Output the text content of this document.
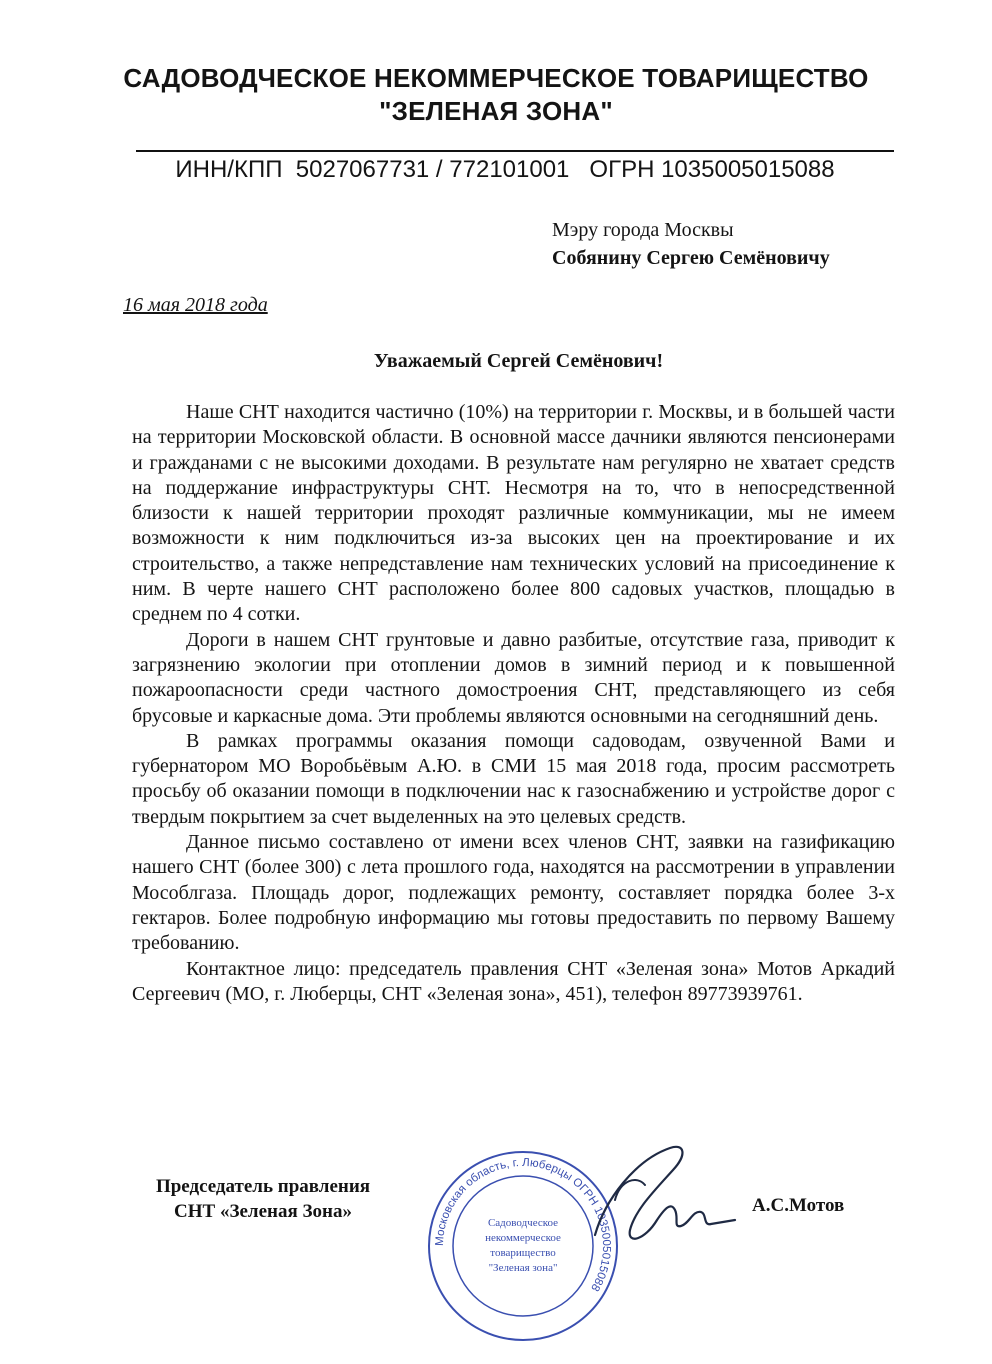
САДОВОДЧЕСКОЕ НЕКОММЕРЧЕСКОЕ ТОВАРИЩЕСТВО
"ЗЕЛЕНАЯ ЗОНА"
ИНН/КПП  5027067731 / 772101001   ОГРН 1035005015088
Мэру города Москвы
Собянину Сергею Семёновичу
16 мая 2018 года
Уважаемый Сергей Семёнович!

Наше СНТ находится частично (10%) на территории г. Москвы, и в большей части на территории Московской области. В основной массе дачники являются пенсионерами и гражданами с не высокими доходами. В результате нам регулярно не хватает средств на поддержание инфраструктуры СНТ. Несмотря на то, что в непосредственной близости к нашей территории проходят различные коммуникации, мы не имеем возможности к ним подключиться из-за высоких цен на проектирование и их строительство, а также непредставление нам технических условий на присоединение к ним. В черте нашего СНТ расположено более 800 садовых участков, площадью в среднем по 4 сотки.

Дороги в нашем СНТ грунтовые и давно разбитые, отсутствие газа, приводит к загрязнению экологии при отоплении домов в зимний период и к повышенной пожароопасности среди частного домостроения СНТ, представляющего из себя брусовые и каркасные дома. Эти проблемы являются основными на сегодняшний день.

В рамках программы оказания помощи садоводам, озвученной Вами и губернатором МО Воробьёвым А.Ю. в СМИ 15 мая 2018 года, просим рассмотреть просьбу об оказании помощи в подключении нас к газоснабжению и устройстве дорог с твердым покрытием за счет выделенных на это целевых средств.

Данное письмо составлено от имени всех членов СНТ, заявки на газификацию нашего СНТ (более 300) с лета прошлого года, находятся на рассмотрении в управлении Мособлгаза. Площадь дорог, подлежащих ремонту, составляет порядка более 3-х гектаров. Более подробную информацию мы готовы предоставить по первому Вашему требованию.

Контактное лицо: председатель правления СНТ «Зеленая зона» Мотов Аркадий Сергеевич (МО, г. Люберцы, СНТ «Зеленая зона», 451), телефон 89773939761.

Председатель правления
СНТ «Зеленая Зона»
Московская область, г. Люберцы ОГРН 1035005015088
Садоводческое
некоммерческое
товарищество
"Зеленая зона"
А.С.Мотов
